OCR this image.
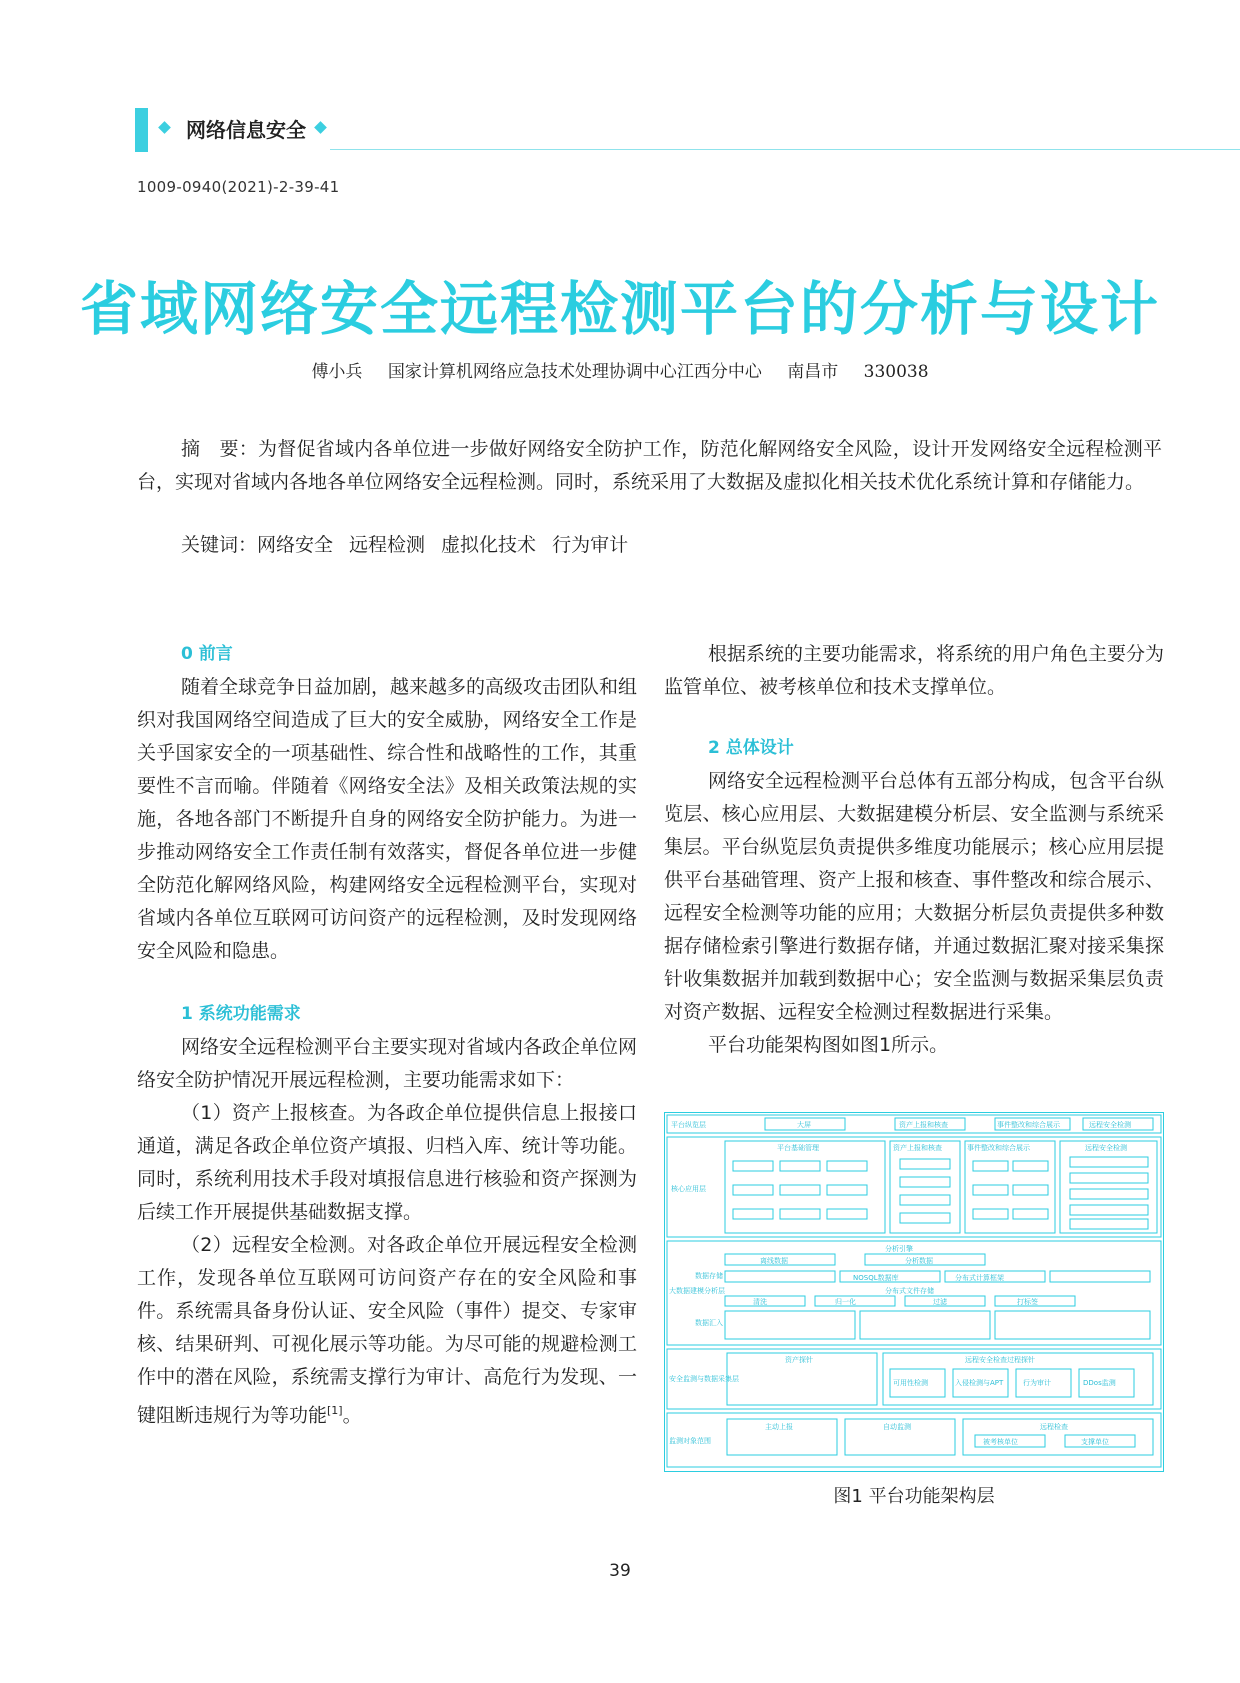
网络信息安全
1009-0940(2021)-2-39-41
省域网络安全远程检测平台的分析与设计
傅小兵 国家计算机网络应急技术处理协调中心江西分中心 南昌市 330038
摘　要：为督促省域内各单位进一步做好网络安全防护工作，防范化解网络安全风险，设计开发网络安全远程检测平台，实现对省域内各地各单位网络安全远程检测。同时，系统采用了大数据及虚拟化相关技术优化系统计算和存储能力。
关键词：网络安全 远程检测 虚拟化技术 行为审计
0 前言

随着全球竞争日益加剧，越来越多的高级攻击团队和组织对我国网络空间造成了巨大的安全威胁，网络安全工作是关乎国家安全的一项基础性、综合性和战略性的工作，其重要性不言而喻。伴随着《网络安全法》及相关政策法规的实施，各地各部门不断提升自身的网络安全防护能力。为进一步推动网络安全工作责任制有效落实，督促各单位进一步健全防范化解网络风险，构建网络安全远程检测平台，实现对省域内各单位互联网可访问资产的远程检测，及时发现网络安全风险和隐患。

1 系统功能需求

网络安全远程检测平台主要实现对省域内各政企单位网络安全防护情况开展远程检测，主要功能需求如下：

（1）资产上报核查。为各政企单位提供信息上报接口通道，满足各政企单位资产填报、归档入库、统计等功能。同时，系统利用技术手段对填报信息进行核验和资产探测为后续工作开展提供基础数据支撑。

（2）远程安全检测。对各政企单位开展远程安全检测工作，发现各单位互联网可访问资产存在的安全风险和事件。系统需具备身份认证、安全风险（事件）提交、专家审核、结果研判、可视化展示等功能。为尽可能的规避检测工作中的潜在风险，系统需支撑行为审计、高危行为发现、一键阻断违规行为等功能[1]。

根据系统的主要功能需求，将系统的用户角色主要分为监管单位、被考核单位和技术支撑单位。

2 总体设计

网络安全远程检测平台总体有五部分构成，包含平台纵览层、核心应用层、大数据建模分析层、安全监测与系统采集层。平台纵览层负责提供多维度功能展示；核心应用层提供平台基础管理、资产上报和核查、事件整改和综合展示、远程安全检测等功能的应用；大数据分析层负责提供多种数据存储检索引擎进行数据存储，并通过数据汇聚对接采集探针收集数据并加载到数据中心；安全监测与数据采集层负责对资产数据、远程安全检测过程数据进行采集。

平台功能架构图如图1所示。

平台纵览层	大屏	资产上报和核查	事件整改和综合展示	远程安全检测
核心应用层
平台基础管理	资产上报和核查	事件整改和综合展示	远程安全检测
大数据建模分析层
分析引擎
离线数据	分析数据
数据存储	NOSQL数据库	分布式计算框架
分布式文件存储
清洗	归一化	过滤	打标签
数据汇入
安全监测与数据采集层
资产探针	远程安全检查过程探针
可用性检测	入侵检测与APT	行为审计	DDos监测
监测对象范围
主动上报	自动监测	远程检查
被考核单位	支撑单位
图1 平台功能架构层
39
